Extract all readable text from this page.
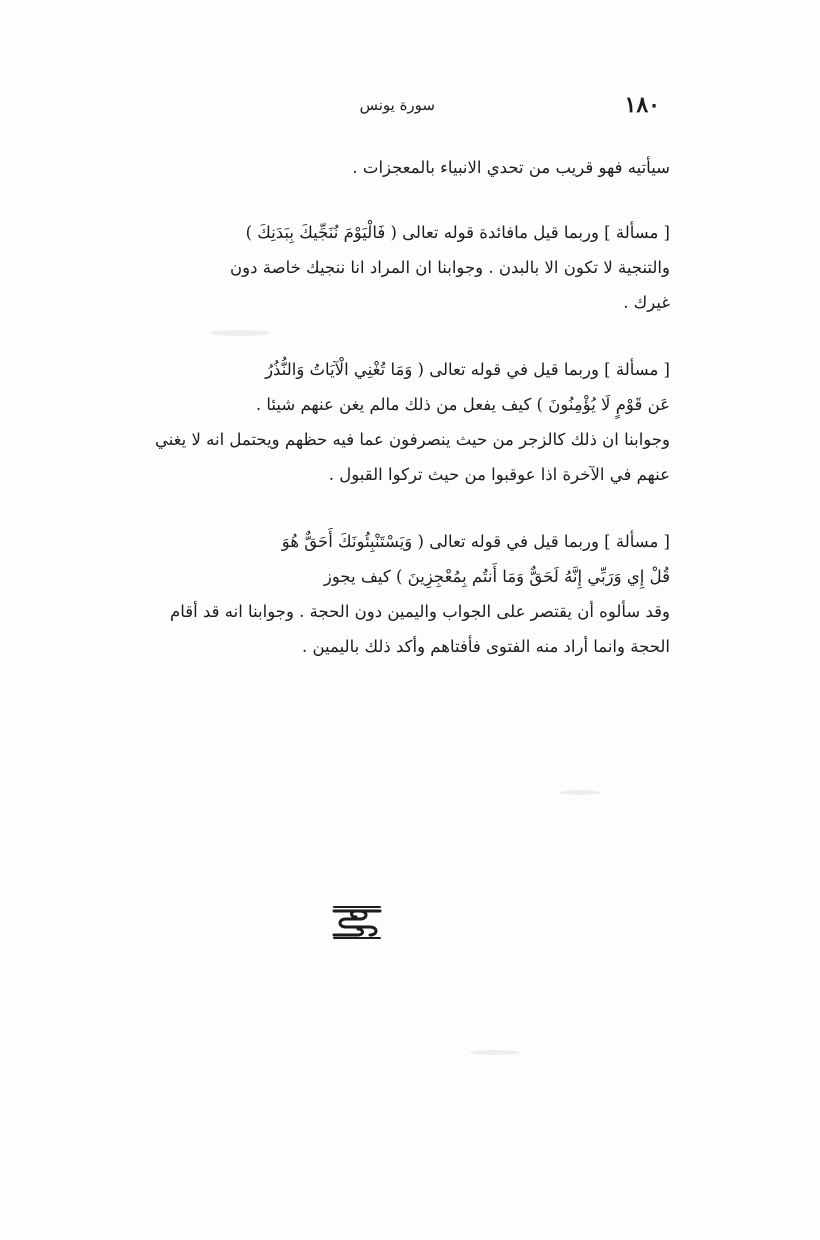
١٨٠
سورة يونس
سيأتيه فهو قريب من تحدي الانبياء بالمعجزات .
[ مسألة ] وربما قيل مافائدة قوله تعالى ( فَالْيَوْمَ نُنَجِّيكَ بِبَدَنِكَ )
والتنجية لا تكون الا بالبدن . وجوابنا ان المراد انا ننجيك خاصة دون
غيرك .
[ مسألة ] وربما قيل في قوله تعالى ( وَمَا تُغْنِي الْآيَاتُ وَالنُّذُرُ
عَن قَوْمٍ لَا يُؤْمِنُونَ ) كيف يفعل من ذلك مالم يغن عنهم شيئا .
وجوابنا ان ذلك كالزجر من حيث ينصرفون عما فيه حظهم ويحتمل انه لا يغني
عنهم في الآخرة اذا عوقبوا من حيث تركوا القبول .
[ مسألة ] وربما قيل في قوله تعالى ( وَيَسْتَنْبِئُونَكَ أَحَقٌّ هُوَ
قُلْ إِي وَرَبِّي إِنَّهُ لَحَقٌّ وَمَا أَنتُم بِمُعْجِزِينَ ) كيف يجوز
وقد سألوه أن يقتصر على الجواب واليمين دون الحجة . وجوابنا انه قد أقام
الحجة وانما أراد منه الفتوى فأفتاهم وأكد ذلك باليمين .
